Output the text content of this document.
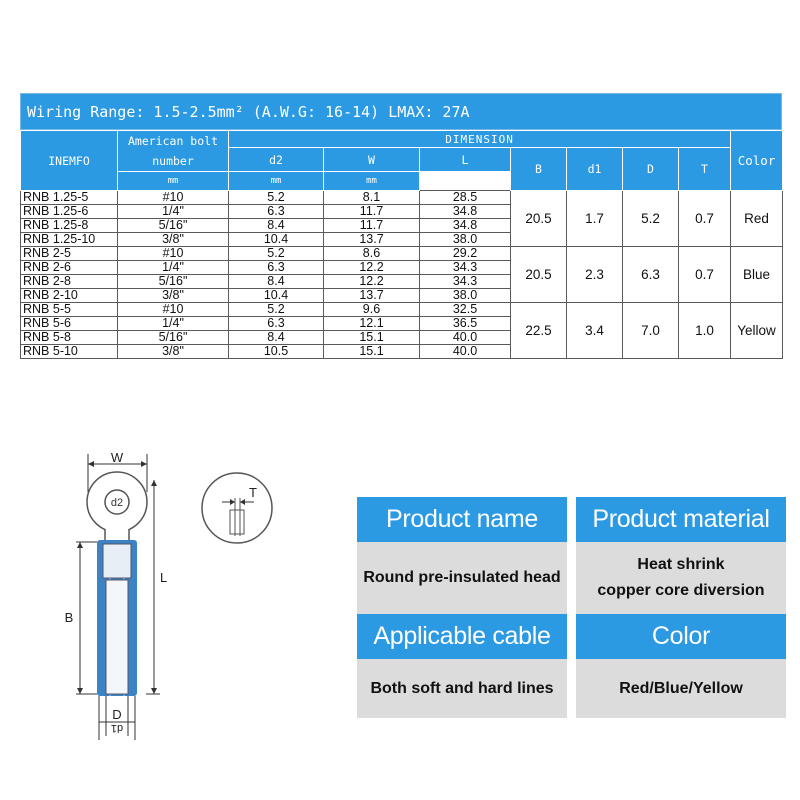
Wiring Range: 1.5-2.5mm² (A.W.G: 16-14) LMAX: 27A
INEMFO	American bolt number	DIMENSION							Color
		d2	W	L	B	d1	D	T	
	mm	mm	mm						
RNB 1.25-5	#10	5.2	8.1	28.5	20.5	1.7	5.2	0.7	Red
RNB 1.25-6	1/4"	6.3	11.7	34.8					
RNB 1.25-8	5/16"	8.4	11.7	34.8					
RNB 1.25-10	3/8"	10.4	13.7	38.0					
RNB 2-5	#10	5.2	8.6	29.2	20.5	2.3	6.3	0.7	Blue
RNB 2-6	1/4"	6.3	12.2	34.3					
RNB 2-8	5/16"	8.4	12.2	34.3					
RNB 2-10	3/8"	10.4	13.7	38.0					
RNB 5-5	#10	5.2	9.6	32.5	22.5	3.4	7.0	1.0	Yellow
RNB 5-6	1/4"	6.3	12.1	36.5					
RNB 5-8	5/16"	8.4	15.1	40.0					
RNB 5-10	3/8"	10.5	15.1	40.0					
W
d2
B
L
D
d1
T
Product name
Round pre-insulated head
Product material
Heat shrink
copper core diversion
Applicable cable
Both soft and hard lines
Color
Red/Blue/Yellow
